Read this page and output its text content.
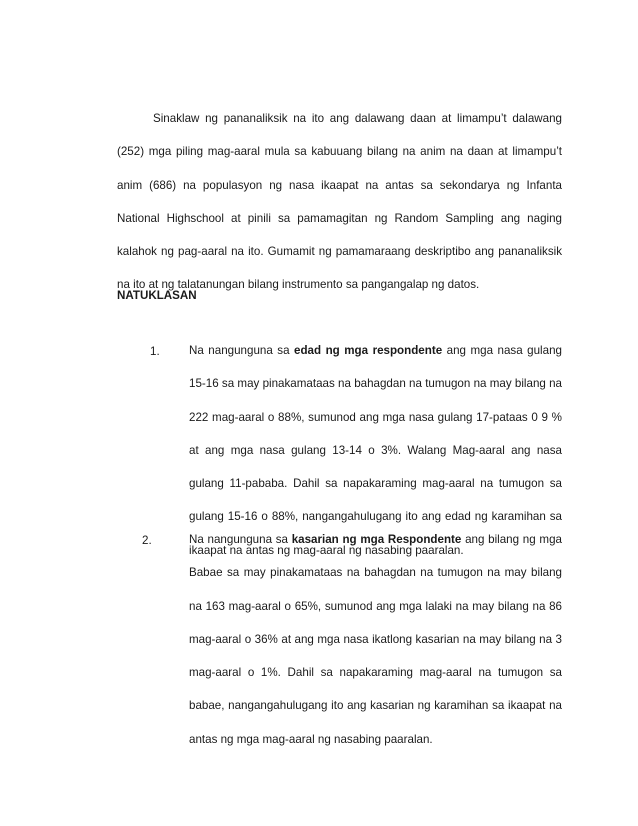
Sinaklaw ng pananaliksik na ito ang dalawang daan at limampu’t dalawang (252) mga piling mag-aaral mula sa kabuuang bilang na anim na daan at limampu’t anim (686) na populasyon ng nasa ikaapat na antas sa sekondarya ng Infanta National Highschool at pinili sa pamamagitan ng Random Sampling ang naging kalahok ng pag-aaral na ito. Gumamit ng pamamaraang deskriptibo ang pananaliksik na ito at ng talatanungan bilang instrumento sa pangangalap ng datos.

NATUKLASAN

1.	Na nangunguna sa edad ng mga respondente ang mga nasa gulang 15-16 sa may pinakamataas na bahagdan na tumugon na may bilang na 222 mag-aaral o 88%, sumunod ang mga nasa gulang 17-pataas 0 9 % at ang mga nasa gulang 13-14 o 3%. Walang Mag-aaral ang nasa gulang 11-pababa. Dahil sa napakaraming mag-aaral na tumugon sa gulang 15-16 o 88%, nangangahulugang ito ang edad ng karamihan sa ikaapat na antas ng mag-aaral ng nasabing paaralan.

2.	Na nangunguna sa kasarian ng mga Respondente ang bilang ng mga Babae sa may pinakamataas na bahagdan na tumugon na may bilang na 163 mag-aaral o 65%, sumunod ang mga lalaki na may bilang na 86 mag-aaral o 36% at ang mga nasa ikatlong kasarian na may bilang na 3 mag-aaral o 1%. Dahil sa napakaraming mag-aaral na tumugon sa babae, nangangahulugang ito ang kasarian ng karamihan sa ikaapat na antas ng mga mag-aaral ng nasabing paaralan.
